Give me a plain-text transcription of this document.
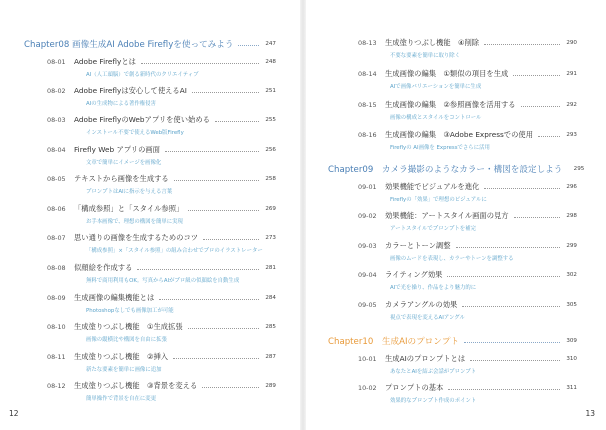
Chapter08 画像生成AI Adobe Fireflyを使ってみよう	247
08-01	Adobe Fireflyとは	248
AI（人工頭脳）で創る新時代のクリエイティブ
08-02	Adobe Fireflyは安心して使えるAI	251
AIの生成物による著作権侵害
08-03	Adobe FireflyのWebアプリを使い始める	255
インストール不要で使えるWeb版Firefly
08-04	Firefly Web アプリの画面	256
文章で簡単にイメージを画像化
08-05	テキストから画像を生成する	258
プロンプトはAIに指示を与える言葉
08-06	「構成参照」と「スタイル参照」	269
お手本画像で、理想の構図を簡単に実現
08-07	思い通りの画像を生成するためのコツ	273
「構成参照」×「スタイル参照」の組み合わせでプロのイラストレーター
08-08	似顔絵を作成する	281
無料で商用利用もOK。写真からAIがプロ級の似顔絵を自動生成
08-09	生成画像の編集機能とは	284
Photoshopなしでも画像加工が可能
08-10	生成塗りつぶし機能　①生成拡張	285
画像の縦横比や構図を自由に拡張
08-11	生成塗りつぶし機能　②挿入	287
新たな要素を簡単に画像に追加
08-12	生成塗りつぶし機能　③背景を変える	289
簡単操作で背景を自在に変更
12
08-13	生成塗りつぶし機能　④削除	290
不要な要素を簡単に取り除く
08-14	生成画像の編集　①類似の項目を生成	291
AIで画像バリエーションを簡単に生成
08-15	生成画像の編集　②参照画像を活用する	292
画像の構成とスタイルをコントロール
08-16	生成画像の編集　③Adobe Expressでの使用	293
Fireflyの AI画像を Expressでさらに活用
Chapter09　カメラ撮影のようなカラー・構図を設定しよう 295
09-01	効果機能でビジュアルを進化	296
Fireflyの「効果」で理想のビジュアルに
09-02	効果機能：アートスタイル画面の見方	298
アートスタイルでプロンプトを補完
09-03	カラーとトーン調整	299
画像のムードを表現し、カラーやトーンを調整する
09-04	ライティング効果	302
AIで光を操り、作品をより魅力的に
09-05	カメラアングルの効果	305
視点で表現を変えるAIアングル
Chapter10　生成AIのプロンプト	309
10-01	生成AIのプロンプトとは	310
あなたとAIを結ぶ会話がプロンプト
10-02	プロンプトの基本	311
効果的なプロンプト作成のポイント
13
